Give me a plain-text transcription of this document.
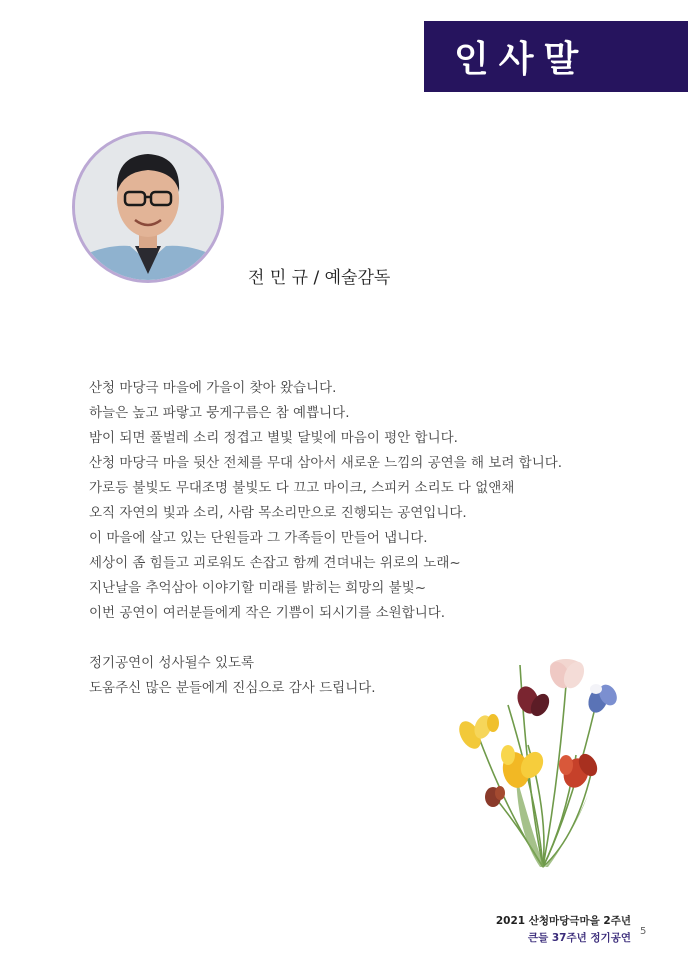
인사말
전 민 규 / 예술감독
산청 마당극 마을에 가을이 찾아 왔습니다.
하늘은 높고 파랗고 뭉게구름은 참 예쁩니다.
밤이 되면 풀벌레 소리 정겹고 별빛 달빛에 마음이 평안 합니다.
산청 마당극 마을 뒷산 전체를 무대 삼아서 새로운 느낌의 공연을 해 보려 합니다.
가로등 불빛도 무대조명 불빛도 다 끄고 마이크, 스피커 소리도 다 없앤채
오직 자연의 빛과 소리, 사람 목소리만으로 진행되는 공연입니다.
이 마을에 살고 있는 단원들과 그 가족들이 만들어 냅니다.
세상이 좀 힘들고 괴로워도 손잡고 함께 견뎌내는 위로의 노래~
지난날을 추억삼아 이야기할 미래를 밝히는 희망의 불빛~
이번 공연이 여러분들에게 작은 기쁨이 되시기를 소원합니다.
정기공연이 성사될수 있도록
도움주신 많은 분들에게 진심으로 감사 드립니다.
2021 산청마당극마을 2주년
큰들 37주년 정기공연
5
